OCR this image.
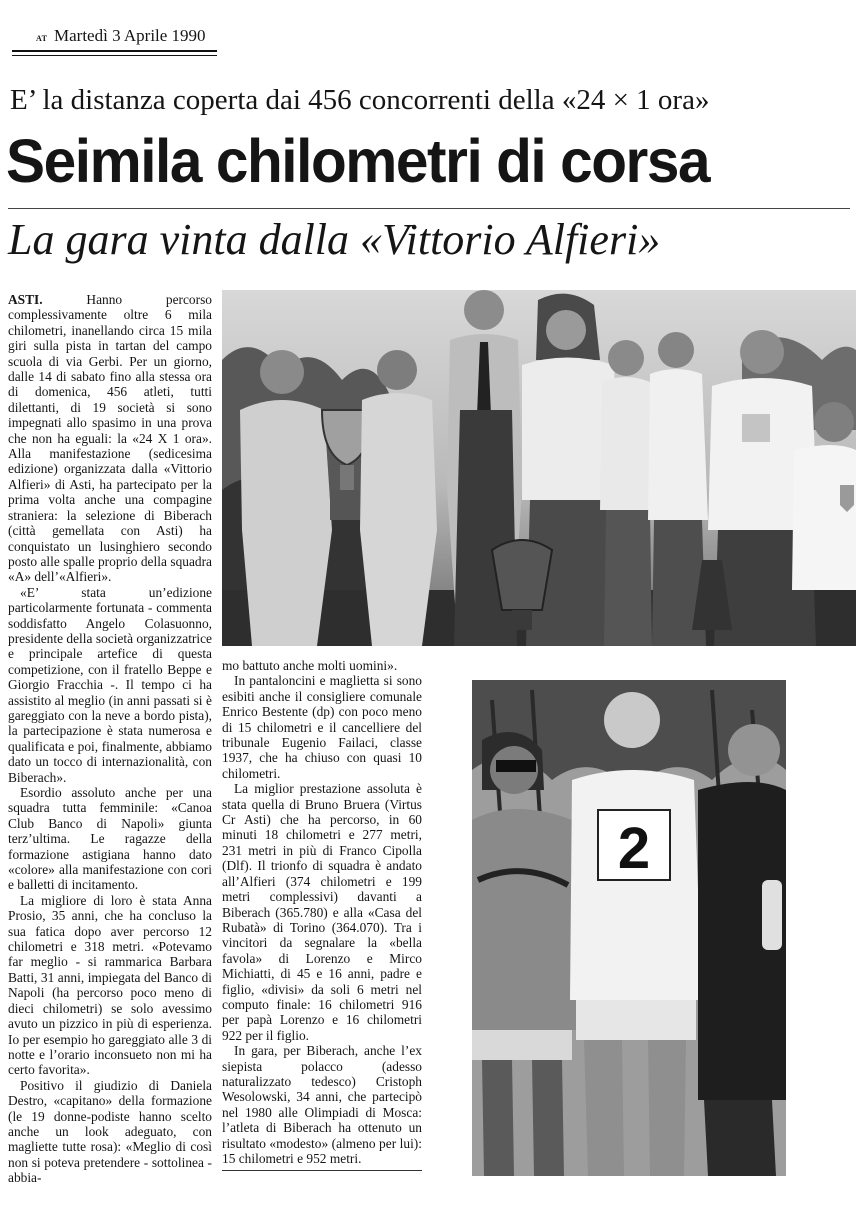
AT Martedì 3 Aprile 1990
E’ la distanza coperta dai 456 concorrenti della «24 × 1 ora»
Seimila chilometri di corsa
La gara vinta dalla «Vittorio Alfieri»

ASTI.	Hanno percorso complessivamente oltre 6 mila chilometri, inanellando circa 15 mila giri sulla pista in tartan del campo scuola di via Gerbi. Per un giorno, dalle 14 di sabato fino alla stessa ora di domenica, 456 atleti, tutti dilettanti, di 19 società si sono impegnati allo spasimo in una prova che non ha eguali: la «24 X 1 ora». Alla manifestazione (sedicesima edizione) organizzata dalla «Vittorio Alfieri» di Asti, ha partecipato per la prima volta anche una compagine straniera: la selezione di Biberach (città gemellata con Asti) ha conquistato un lusinghiero secondo posto alle spalle proprio della squadra «A» dell’«Alfieri».

«E’ stata un’edizione particolarmente fortunata - commenta soddisfatto Angelo Colasuonno, presidente della società organizzatrice e principale artefice di questa competizione, con il fratello Beppe e Giorgio Fracchia -. Il tempo ci ha assistito al meglio (in anni passati si è gareggiato con la neve a bordo pista), la partecipazione è stata numerosa e qualificata e poi, finalmente, abbiamo dato un tocco di internazionalità, con Biberach».

Esordio assoluto anche per una squadra tutta femminile: «Canoa Club Banco di Napoli» giunta terz’ultima. Le ragazze della formazione astigiana hanno dato «colore» alla manifestazione con cori e balletti di incitamento.

La migliore di loro è stata Anna Prosio, 35 anni, che ha concluso la sua fatica dopo aver percorso 12 chilometri e 318 metri. «Potevamo far meglio - si rammarica Barbara Batti, 31 anni, impiegata del Banco di Napoli (ha percorso poco meno di dieci chilometri) se solo avessimo avuto un pizzico in più di esperienza. Io per esempio ho gareggiato alle 3 di notte e l’orario inconsueto non mi ha certo favorita».

Positivo il giudizio di Daniela Destro, «capitano» della formazione (le 19 donne-podiste hanno scelto anche un look adeguato, con magliette tutte rosa): «Meglio di così non si poteva pretendere - sottolinea - abbia-

mo battuto anche molti uomini».

In pantaloncini e maglietta si sono esibiti anche il consigliere comunale Enrico Bestente (dp) con poco meno di 15 chilometri e il cancelliere del tribunale Eugenio Failaci, classe 1937, che ha chiuso con quasi 10 chilometri.

La miglior prestazione assoluta è stata quella di Bruno Bruera (Virtus Cr Asti) che ha percorso, in 60 minuti 18 chilometri e 277 metri, 231 metri in più di Franco Cipolla (Dlf). Il trionfo di squadra è andato all’Alfieri (374 chilometri e 199 metri complessivi) davanti a Biberach (365.780) e alla «Casa del Rubatà» di Torino (364.070). Tra i vincitori da segnalare la «bella favola» di Lorenzo e Mirco Michiatti, di 45 e 16 anni, padre e figlio, «divisi» da soli 6 metri nel computo finale: 16 chilometri 916 per papà Lorenzo e 16 chilometri 922 per il figlio.

In gara, per Biberach, anche l’ex siepista polacco (adesso naturalizzato tedesco) Cristoph Wesolowski, 34 anni, che partecipò nel 1980 alle Olimpiadi di Mosca: l’atleta di Biberach ha ottenuto un risultato «modesto» (almeno per lui): 15 chilometri e 952 metri.

2
